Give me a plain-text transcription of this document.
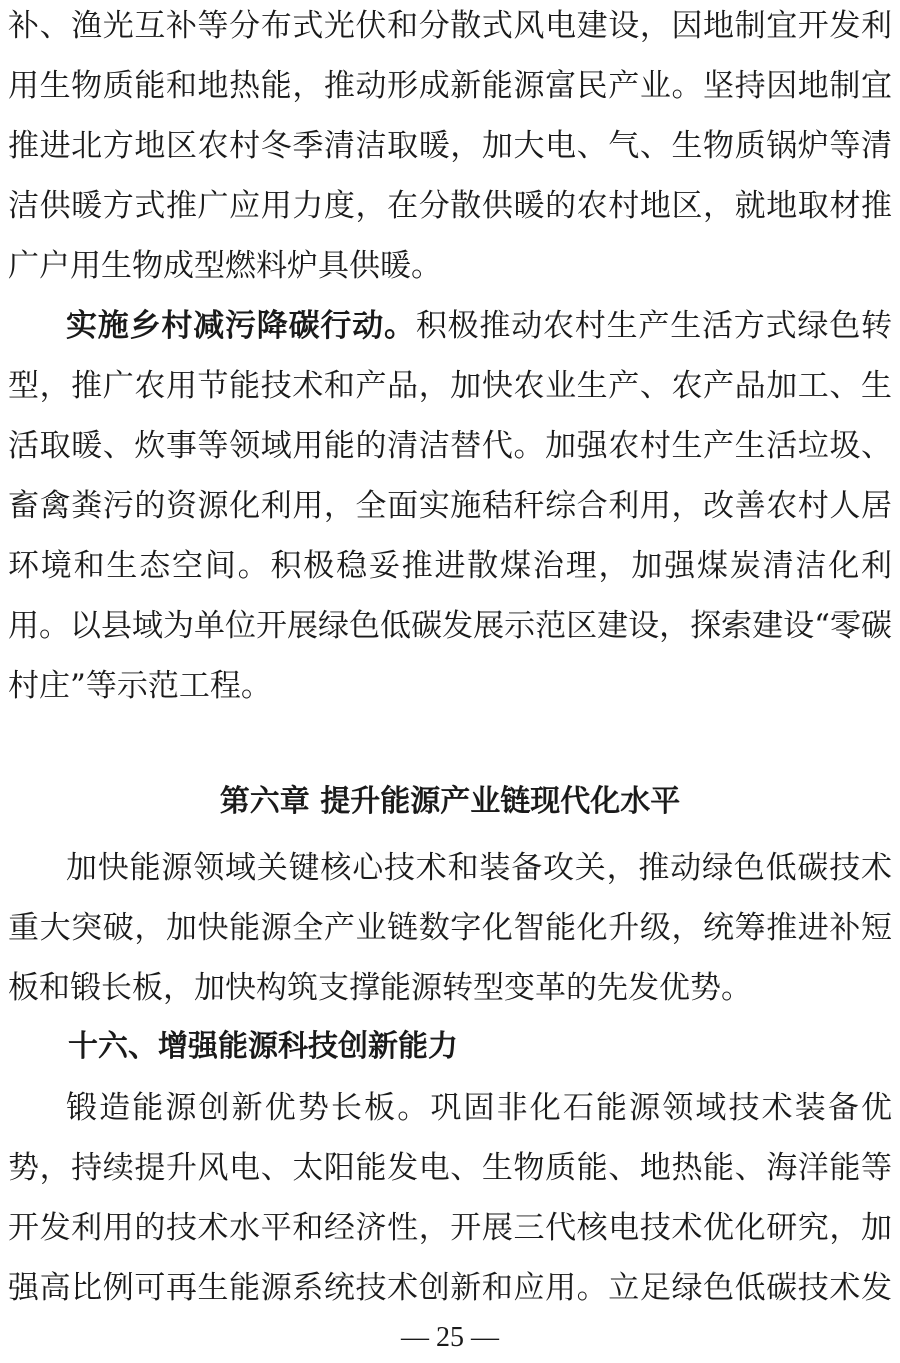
补、渔光互补等分布式光伏和分散式风电建设，因地制宜开发利
用生物质能和地热能，推动形成新能源富民产业。坚持因地制宜
推进北方地区农村冬季清洁取暖，加大电、气、生物质锅炉等清
洁供暖方式推广应用力度，在分散供暖的农村地区，就地取材推
广户用生物成型燃料炉具供暖。
实施乡村减污降碳行动。积极推动农村生产生活方式绿色转
型，推广农用节能技术和产品，加快农业生产、农产品加工、生
活取暖、炊事等领域用能的清洁替代。加强农村生产生活垃圾、
畜禽粪污的资源化利用，全面实施秸秆综合利用，改善农村人居
环境和生态空间。积极稳妥推进散煤治理，加强煤炭清洁化利
用。以县域为单位开展绿色低碳发展示范区建设，探索建设“零碳
村庄”等示范工程。
第六章 提升能源产业链现代化水平
加快能源领域关键核心技术和装备攻关，推动绿色低碳技术
重大突破，加快能源全产业链数字化智能化升级，统筹推进补短
板和锻长板，加快构筑支撑能源转型变革的先发优势。
十六、增强能源科技创新能力
锻造能源创新优势长板。巩固非化石能源领域技术装备优
势，持续提升风电、太阳能发电、生物质能、地热能、海洋能等
开发利用的技术水平和经济性，开展三代核电技术优化研究，加
强高比例可再生能源系统技术创新和应用。立足绿色低碳技术发
— 25 —
